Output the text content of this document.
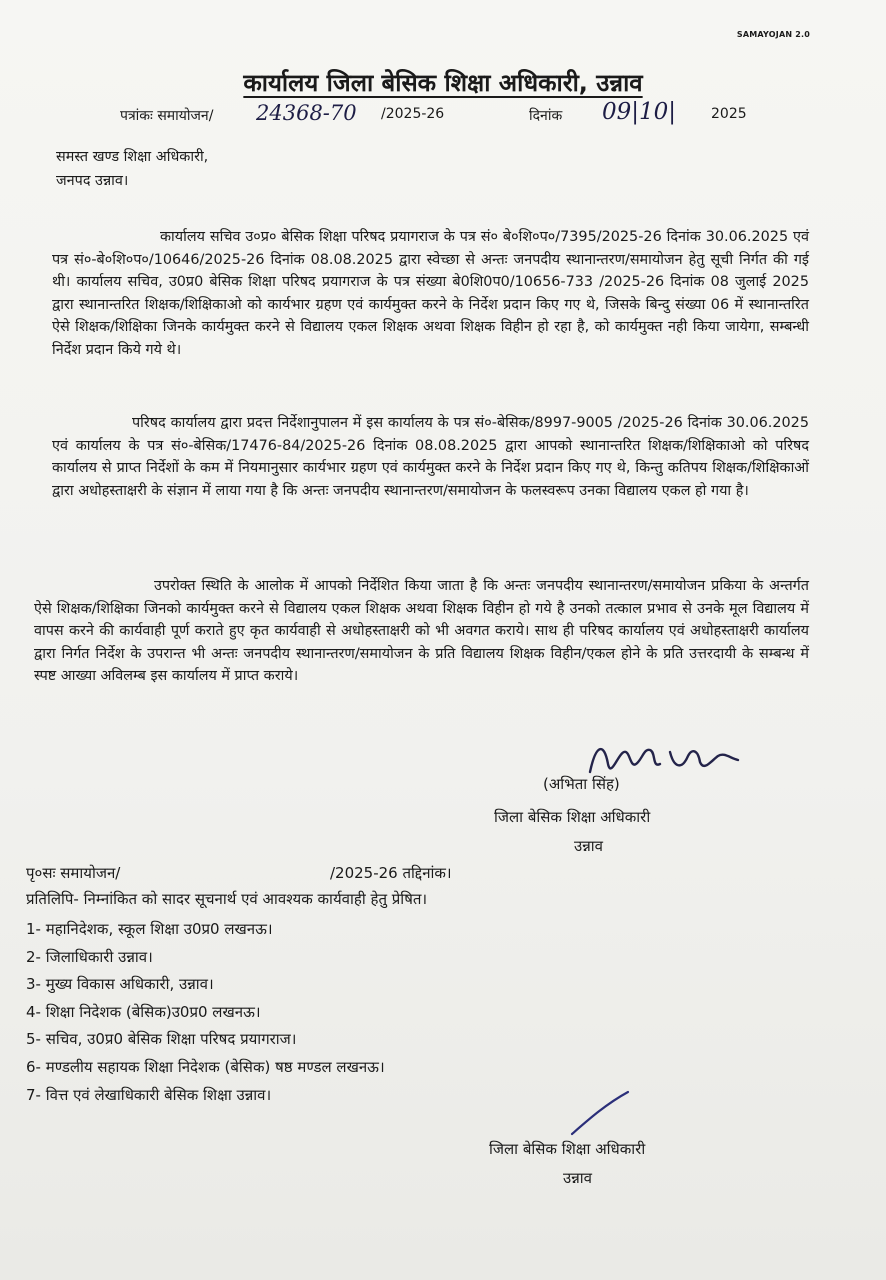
SAMAYOJAN 2.0
कार्यालय जिला बेसिक शिक्षा अधिकारी, उन्नाव
पत्रांकः समायोजन/ 24368-70 /2025-26	दिनांक 09|10| 2025
समस्त खण्ड शिक्षा अधिकारी,
जनपद उन्नाव।
कार्यालय सचिव उ०प्र० बेसिक शिक्षा परिषद प्रयागराज के पत्र सं० बे०शि०प०/7395/2025-26 दिनांक 30.06.2025 एवं पत्र सं०-बे०शि०प०/10646/2025-26 दिनांक 08.08.2025 द्वारा स्वेच्छा से अन्तः जनपदीय स्थानान्तरण/समायोजन हेतु सूची निर्गत की गई थी। कार्यालय सचिव, उ0प्र0 बेसिक शिक्षा परिषद प्रयागराज के पत्र संख्या बे0शि0प0/10656-733 /2025-26 दिनांक 08 जुलाई 2025 द्वारा स्थानान्तरित शिक्षक/शिक्षिकाओ को कार्यभार ग्रहण एवं कार्यमुक्त करने के निर्देश प्रदान किए गए थे, जिसके बिन्दु संख्या 06 में स्थानान्तरित ऐसे शिक्षक/शिक्षिका जिनके कार्यमुक्त करने से विद्यालय एकल शिक्षक अथवा शिक्षक विहीन हो रहा है, को कार्यमुक्त नही किया जायेगा, सम्बन्धी निर्देश प्रदान किये गये थे।
परिषद कार्यालय द्वारा प्रदत्त निर्देशानुपालन में इस कार्यालय के पत्र सं०-बेसिक/8997-9005 /2025-26 दिनांक 30.06.2025 एवं कार्यालय के पत्र सं०-बेसिक/17476-84/2025-26 दिनांक 08.08.2025 द्वारा आपको स्थानान्तरित शिक्षक/शिक्षिकाओ को परिषद कार्यालय से प्राप्त निर्देशों के कम में नियमानुसार कार्यभार ग्रहण एवं कार्यमुक्त करने के निर्देश प्रदान किए गए थे, किन्तु कतिपय शिक्षक/शिक्षिकाओं द्वारा अधोहस्ताक्षरी के संज्ञान में लाया गया है कि अन्तः जनपदीय स्थानान्तरण/समायोजन के फलस्वरूप उनका विद्यालय एकल हो गया है।
उपरोक्त स्थिति के आलोक में आपको निर्देशित किया जाता है कि अन्तः जनपदीय स्थानान्तरण/समायोजन प्रकिया के अन्तर्गत ऐसे शिक्षक/शिक्षिका जिनको कार्यमुक्त करने से विद्यालय एकल शिक्षक अथवा शिक्षक विहीन हो गये है उनको तत्काल प्रभाव से उनके मूल विद्यालय में वापस करने की कार्यवाही पूर्ण कराते हुए कृत कार्यवाही से अधोहस्ताक्षरी को भी अवगत कराये। साथ ही परिषद कार्यालय एवं अधोहस्ताक्षरी कार्यालय द्वारा निर्गत निर्देश के उपरान्त भी अन्तः जनपदीय स्थानान्तरण/समायोजन के प्रति विद्यालय शिक्षक विहीन/एकल होने के प्रति उत्तरदायी के सम्बन्ध में स्पष्ट आख्या अविलम्ब इस कार्यालय में प्राप्त कराये।
(अभिता सिंह)
जिला बेसिक शिक्षा अधिकारी
उन्नाव
पृ०सः समायोजन/	/2025-26 तद्दिनांक।
प्रतिलिपि- निम्नांकित को सादर सूचनार्थ एवं आवश्यक कार्यवाही हेतु प्रेषित।
1- महानिदेशक, स्कूल शिक्षा उ0प्र0 लखनऊ।
2- जिलाधिकारी उन्नाव।
3- मुख्य विकास अधिकारी, उन्नाव।
4- शिक्षा निदेशक (बेसिक)उ0प्र0 लखनऊ।
5- सचिव, उ0प्र0 बेसिक शिक्षा परिषद प्रयागराज।
6- मण्डलीय सहायक शिक्षा निदेशक (बेसिक) षष्ठ मण्डल लखनऊ।
7- वित्त एवं लेखाधिकारी बेसिक शिक्षा उन्नाव।
जिला बेसिक शिक्षा अधिकारी
उन्नाव
